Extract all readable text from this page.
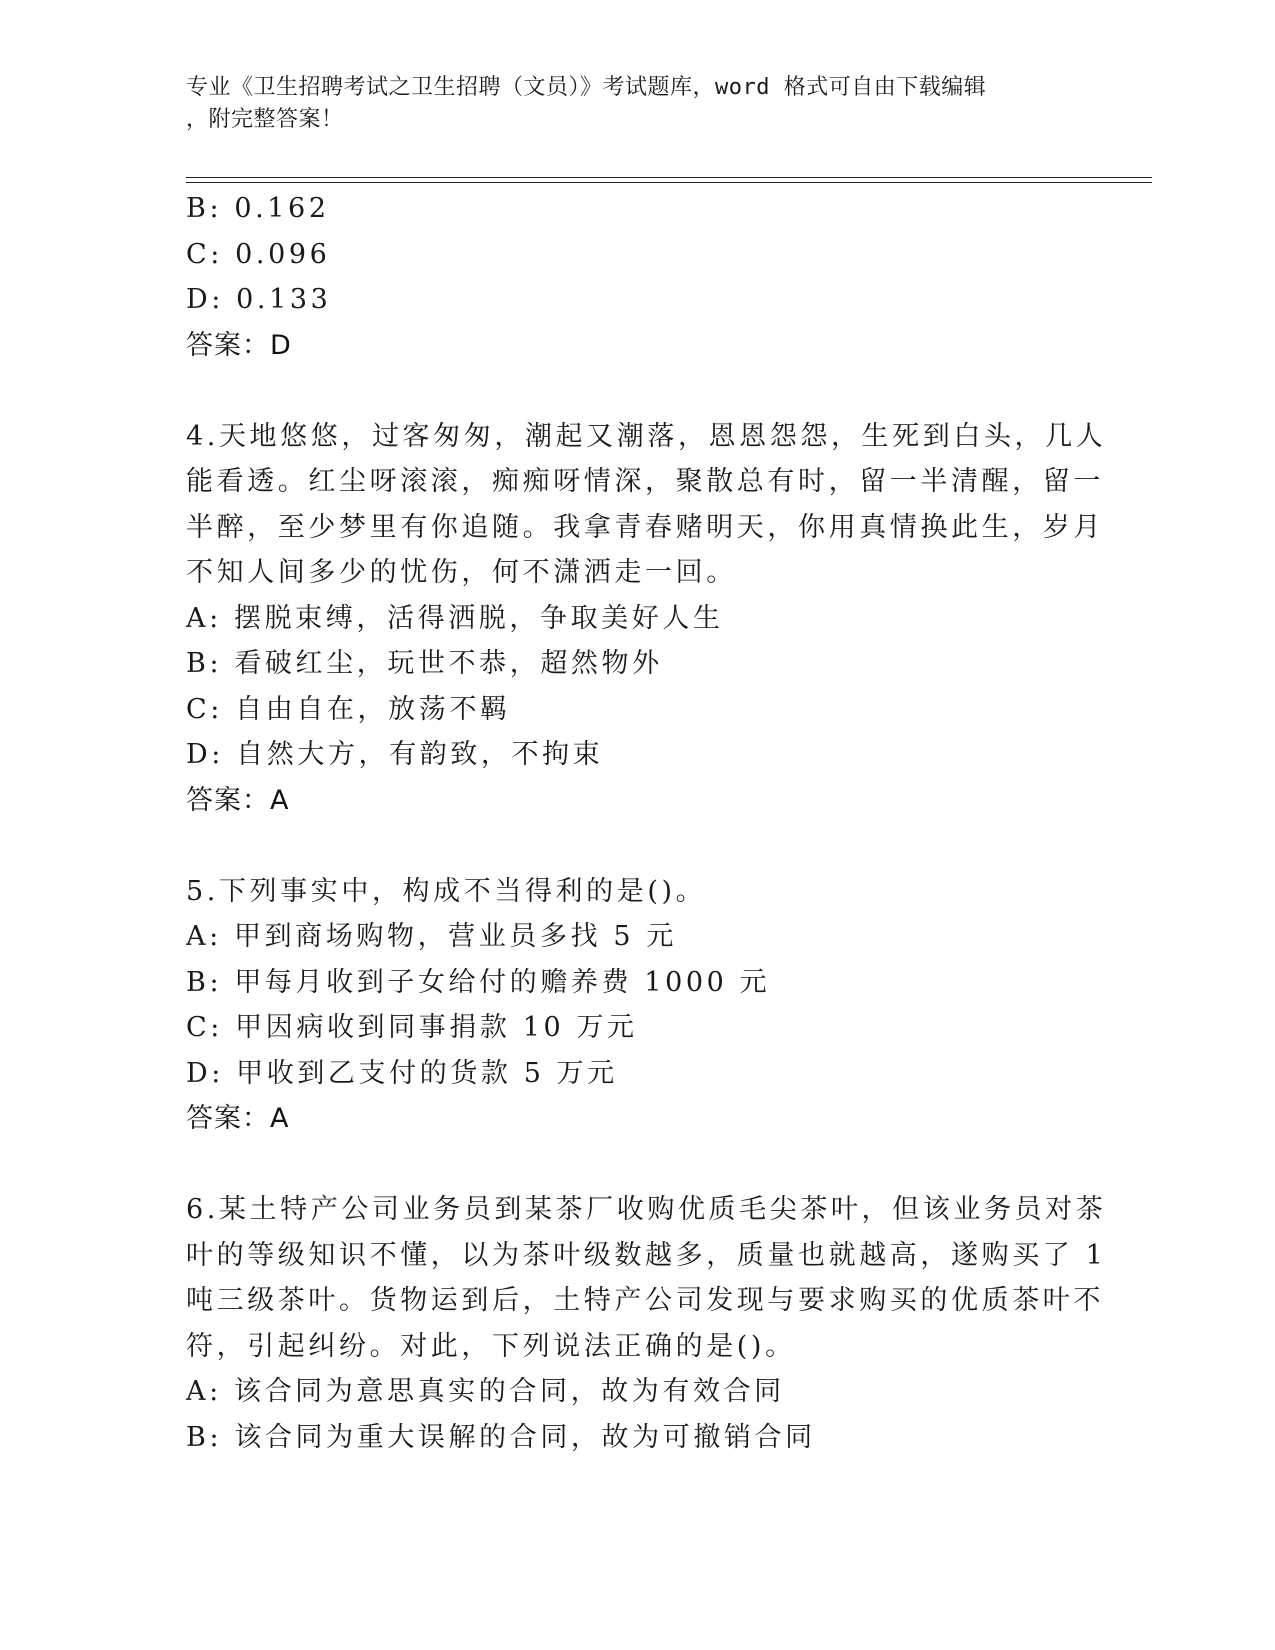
专业《卫生招聘考试之卫生招聘（文员）》考试题库，word 格式可自由下载编辑
，附完整答案！
B: 0.162
C: 0.096
D: 0.133
答案：D
4.天地悠悠，过客匆匆，潮起又潮落，恩恩怨怨，生死到白头，几人
能看透。红尘呀滚滚，痴痴呀情深，聚散总有时，留一半清醒，留一
半醉，至少梦里有你追随。我拿青春赌明天，你用真情换此生，岁月
不知人间多少的忧伤，何不潇洒走一回。
A: 摆脱束缚，活得洒脱，争取美好人生
B: 看破红尘，玩世不恭，超然物外
C: 自由自在，放荡不羁
D: 自然大方，有韵致，不拘束
答案：A
5.下列事实中，构成不当得利的是()。
A: 甲到商场购物，营业员多找 5 元
B: 甲每月收到子女给付的赡养费 1000 元
C: 甲因病收到同事捐款 10 万元
D: 甲收到乙支付的货款 5 万元
答案：A
6.某土特产公司业务员到某茶厂收购优质毛尖茶叶，但该业务员对茶
叶的等级知识不懂，以为茶叶级数越多，质量也就越高，遂购买了 1
吨三级茶叶。货物运到后，土特产公司发现与要求购买的优质茶叶不
符，引起纠纷。对此，下列说法正确的是()。
A: 该合同为意思真实的合同，故为有效合同
B: 该合同为重大误解的合同，故为可撤销合同
